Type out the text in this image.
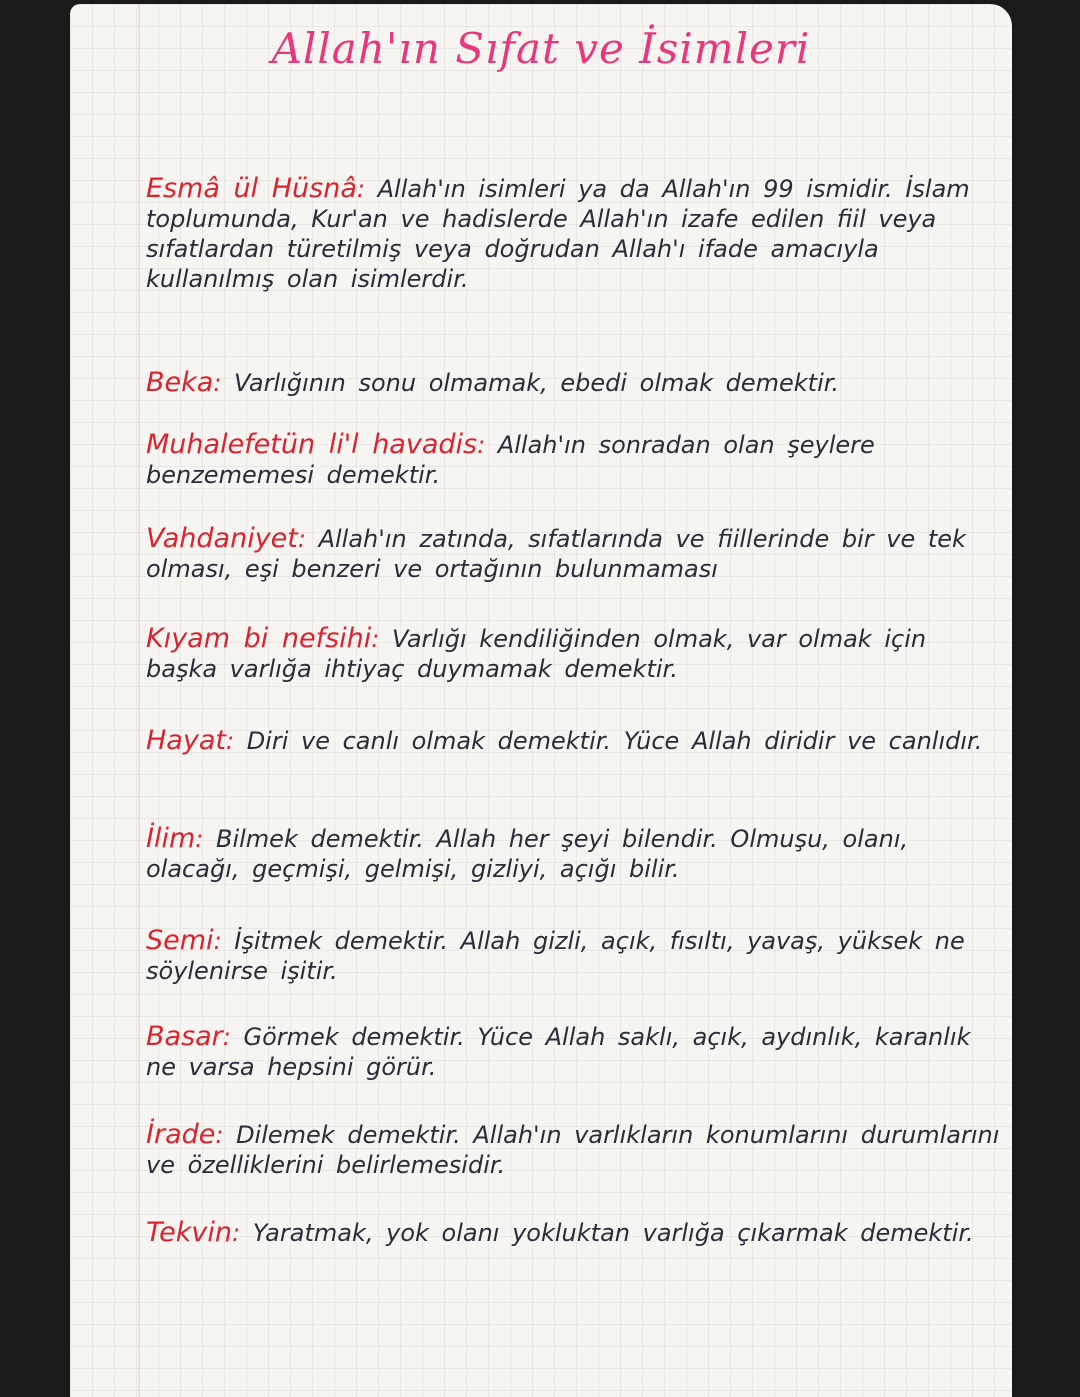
Allah'ın Sıfat ve İsimleri
Esmâ ül Hüsnâ: Allah'ın isimleri ya da Allah'ın 99 ismidir. İslam toplumunda, Kur'an ve hadislerde Allah'ın izafe edilen fiil veya sıfatlardan türetilmiş veya doğrudan Allah'ı ifade amacıyla kullanılmış olan isimlerdir.
Beka: Varlığının sonu olmamak, ebedi olmak demektir.
Muhalefetün li'l havadis: Allah'ın sonradan olan şeylere benzememesi demektir.
Vahdaniyet: Allah'ın zatında, sıfatlarında ve fiillerinde bir ve tek olması, eşi benzeri ve ortağının bulunmaması
Kıyam bi nefsihi: Varlığı kendiliğinden olmak, var olmak için başka varlığa ihtiyaç duymamak demektir.
Hayat: Diri ve canlı olmak demektir. Yüce Allah diridir ve canlıdır.
İlim: Bilmek demektir. Allah her şeyi bilendir. Olmuşu, olanı, olacağı, geçmişi, gelmişi, gizliyi, açığı bilir.
Semi: İşitmek demektir. Allah gizli, açık, fısıltı, yavaş, yüksek ne söylenirse işitir.
Basar: Görmek demektir. Yüce Allah saklı, açık, aydınlık, karanlık ne varsa hepsini görür.
İrade: Dilemek demektir. Allah'ın varlıkların konumlarını durumlarını ve özelliklerini belirlemesidir.
Tekvin: Yaratmak, yok olanı yokluktan varlığa çıkarmak demektir.
